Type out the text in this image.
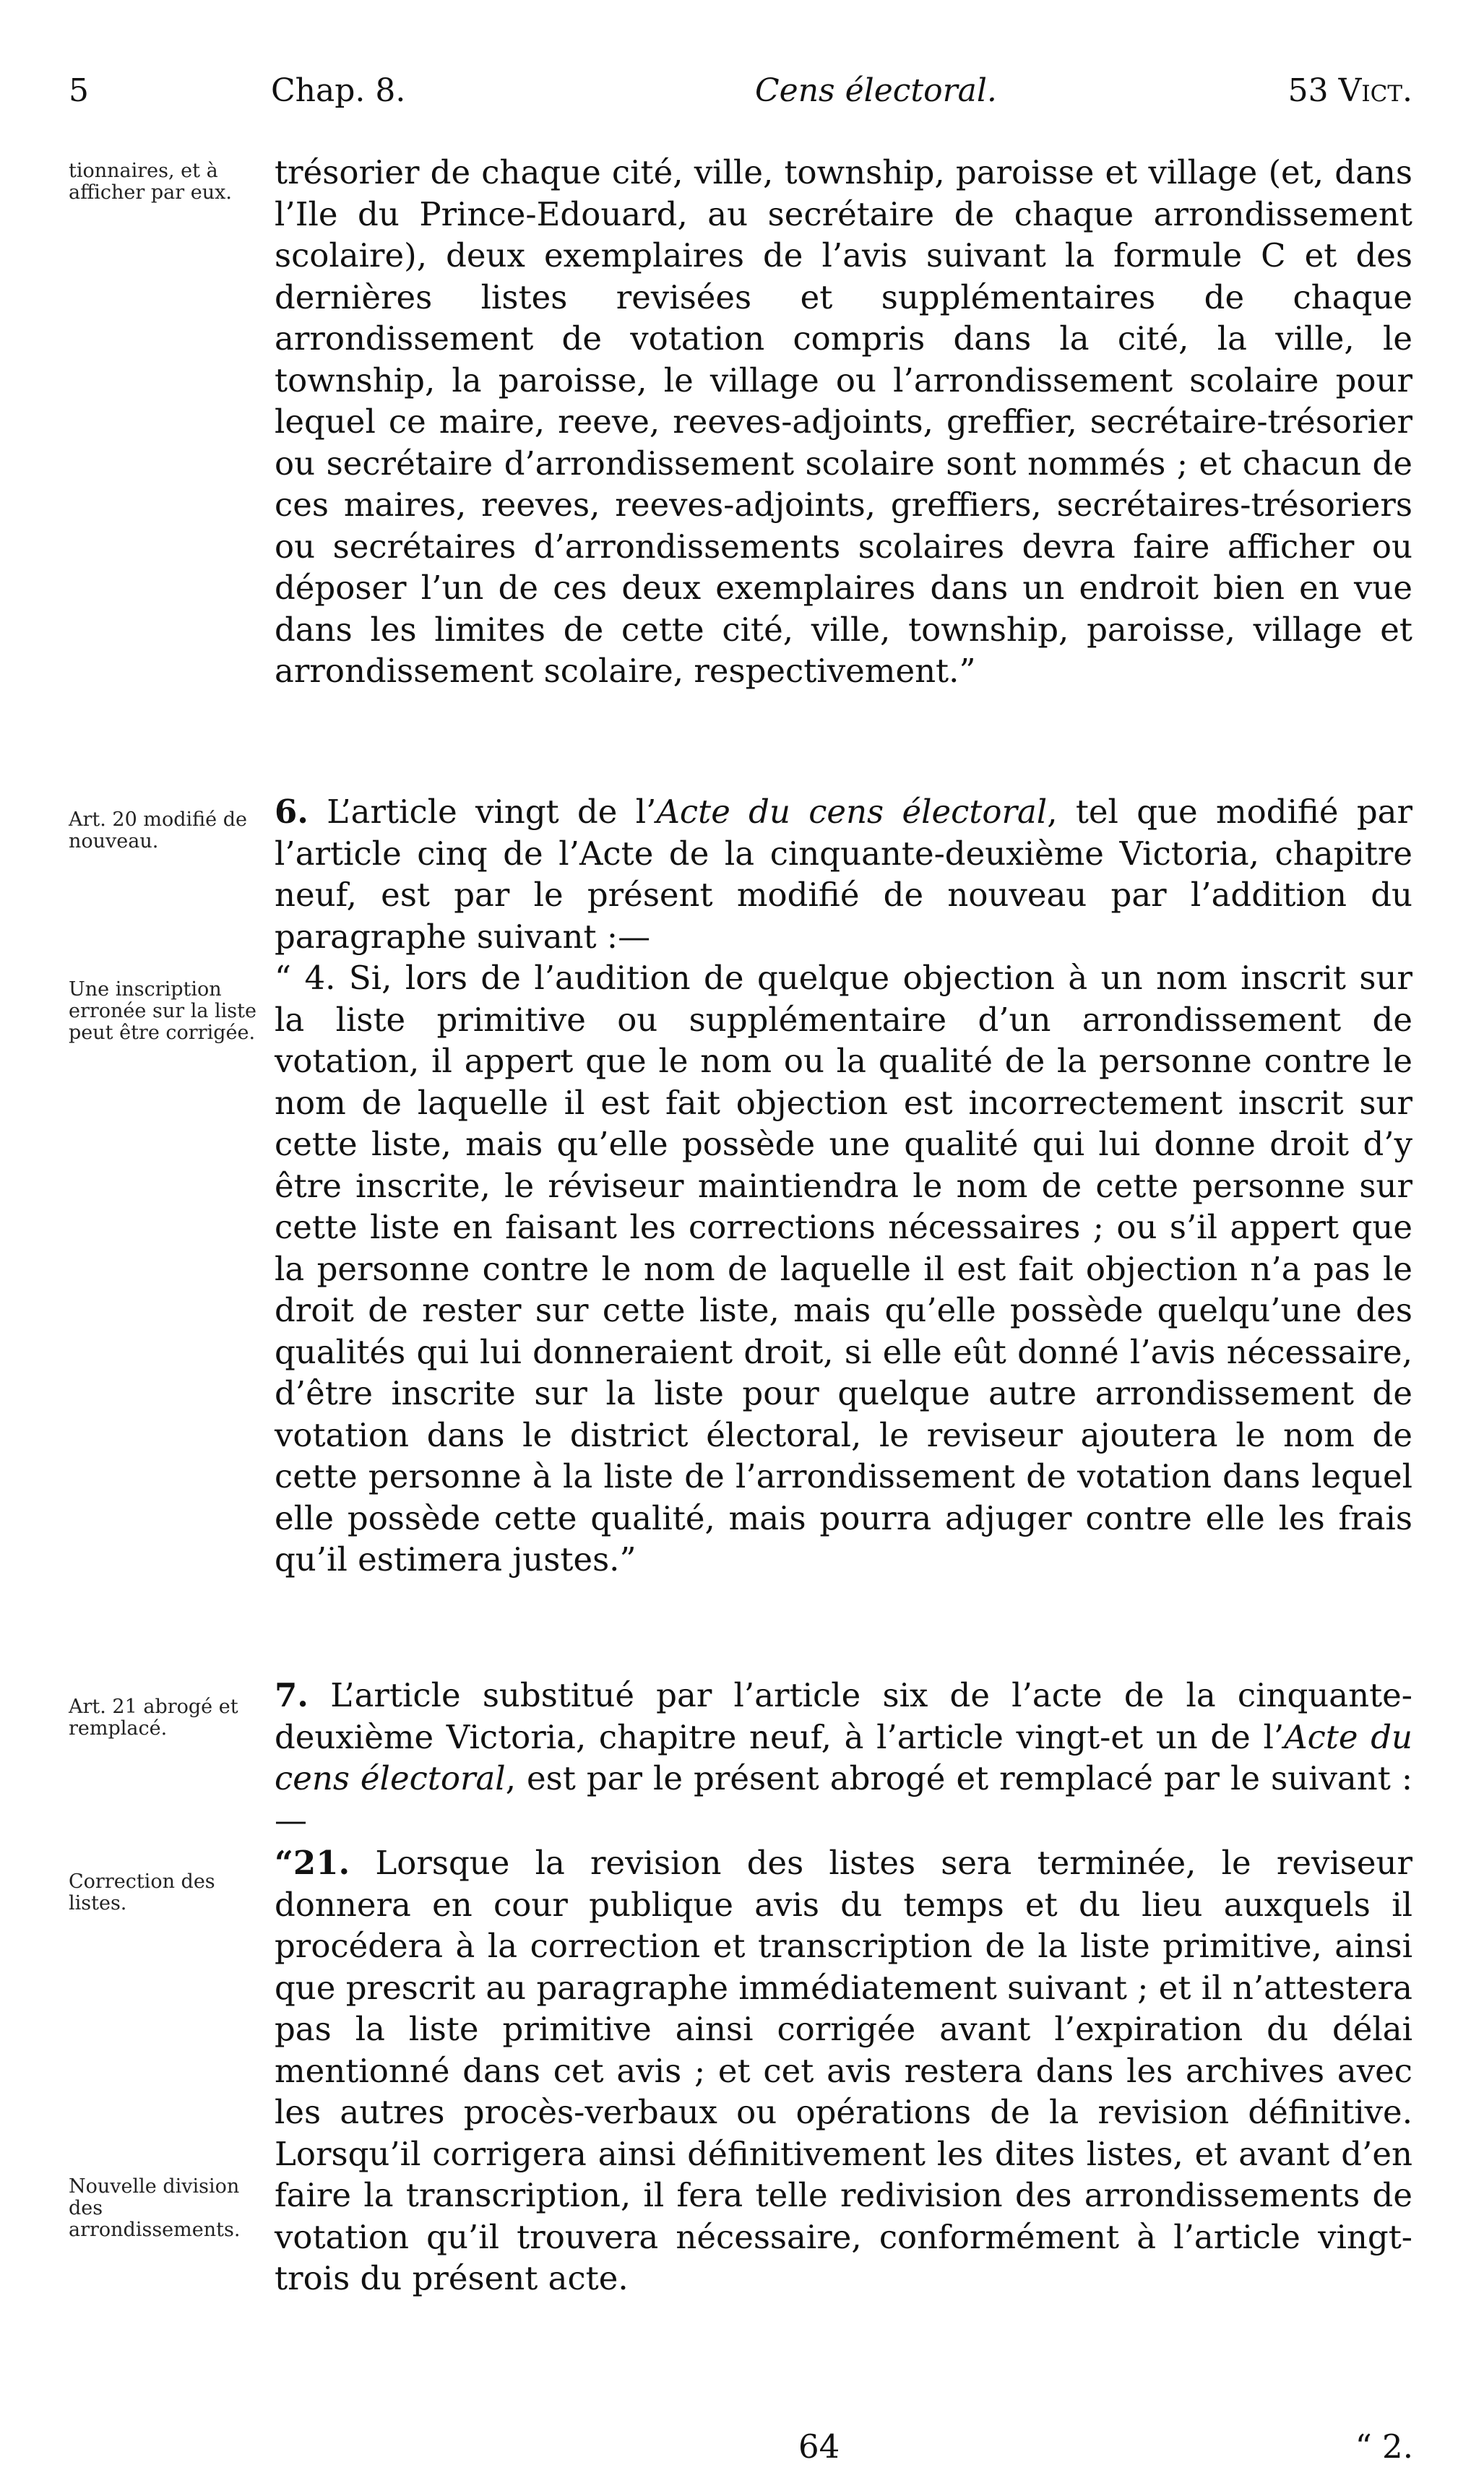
5	Chap. 8.	Cens électoral.	53 Vict.
tionnaires, et à afficher par eux.
Art. 20 modifié de nouveau.
Une inscription erronée sur la liste peut être corrigée.
Art. 21 abrogé et remplacé.
Correction des listes.
Nouvelle division des arrondissements.

trésorier de chaque cité, ville, township, paroisse et village (et, dans l’Ile du Prince-Edouard, au secrétaire de chaque arrondissement scolaire), deux exemplaires de l’avis suivant la formule C et des dernières listes revisées et supplémentaires de chaque arrondissement de votation compris dans la cité, la ville, le township, la paroisse, le village ou l’arrondissement scolaire pour lequel ce maire, reeve, reeves-adjoints, greffier, secrétaire-trésorier ou secrétaire d’arrondissement scolaire sont nommés ; et chacun de ces maires, reeves, reeves-adjoints, greffiers, secrétaires-trésoriers ou secrétaires d’arrondissements scolaires devra faire afficher ou déposer l’un de ces deux exemplaires dans un endroit bien en vue dans les limites de cette cité, ville, township, paroisse, village et arrondissement scolaire, respectivement.”

6. L’article vingt de l’Acte du cens électoral, tel que modifié par l’article cinq de l’Acte de la cinquante-deuxième Victoria, chapitre neuf, est par le présent modifié de nouveau par l’addition du paragraphe suivant :—

“ 4. Si, lors de l’audition de quelque objection à un nom inscrit sur la liste primitive ou supplémentaire d’un arrondissement de votation, il appert que le nom ou la qualité de la personne contre le nom de laquelle il est fait objection est incorrectement inscrit sur cette liste, mais qu’elle possède une qualité qui lui donne droit d’y être inscrite, le réviseur maintiendra le nom de cette personne sur cette liste en faisant les corrections nécessaires ; ou s’il appert que la personne contre le nom de laquelle il est fait objection n’a pas le droit de rester sur cette liste, mais qu’elle possède quelqu’une des qualités qui lui donneraient droit, si elle eût donné l’avis nécessaire, d’être inscrite sur la liste pour quelque autre arrondissement de votation dans le district électoral, le reviseur ajoutera le nom de cette personne à la liste de l’arrondissement de votation dans lequel elle possède cette qualité, mais pourra adjuger contre elle les frais qu’il estimera justes.”

7. L’article substitué par l’article six de l’acte de la cinquante-deuxième Victoria, chapitre neuf, à l’article vingt-et un de l’Acte du cens électoral, est par le présent abrogé et remplacé par le suivant :—

“21. Lorsque la revision des listes sera terminée, le reviseur donnera en cour publique avis du temps et du lieu auxquels il procédera à la correction et transcription de la liste primitive, ainsi que prescrit au paragraphe immédiatement suivant ; et il n’attestera pas la liste primitive ainsi corrigée avant l’expiration du délai mentionné dans cet avis ; et cet avis restera dans les archives avec les autres procès-verbaux ou opérations de la revision définitive. Lorsqu’il corrigera ainsi définitivement les dites listes, et avant d’en faire la transcription, il fera telle redivision des arrondissements de votation qu’il trouvera nécessaire, conformément à l’article vingt-trois du présent acte.

64	“ 2.
